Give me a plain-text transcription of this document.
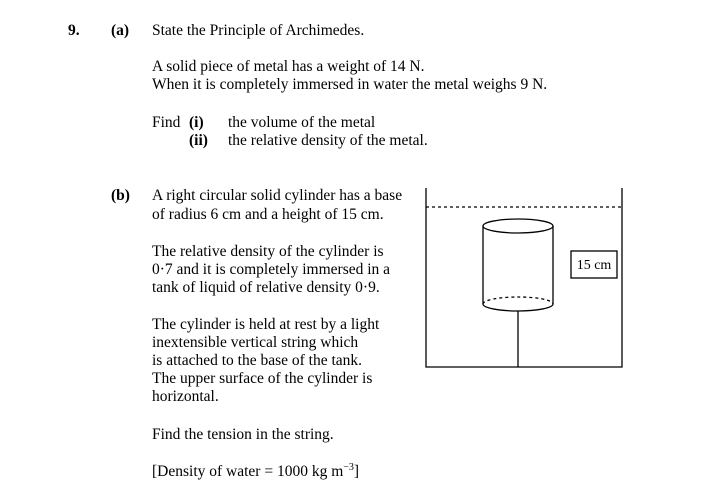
9. (a) State the Principle of Archimedes.
A solid piece of metal has a weight of 14 N.
When it is completely immersed in water the metal weighs 9 N.
Find (i) the volume of the metal
(ii) the relative density of the metal.
(b) A right circular solid cylinder has a base
of radius 6 cm and a height of 15 cm.
The relative density of the cylinder is
0·7 and it is completely immersed in a
tank of liquid of relative density 0·9.
The cylinder is held at rest by a light
inextensible vertical string which
is attached to the base of the tank.
The upper surface of the cylinder is
horizontal.
Find the tension in the string.
[Density of water = 1000 kg $m^{-3}$]
15 cm
